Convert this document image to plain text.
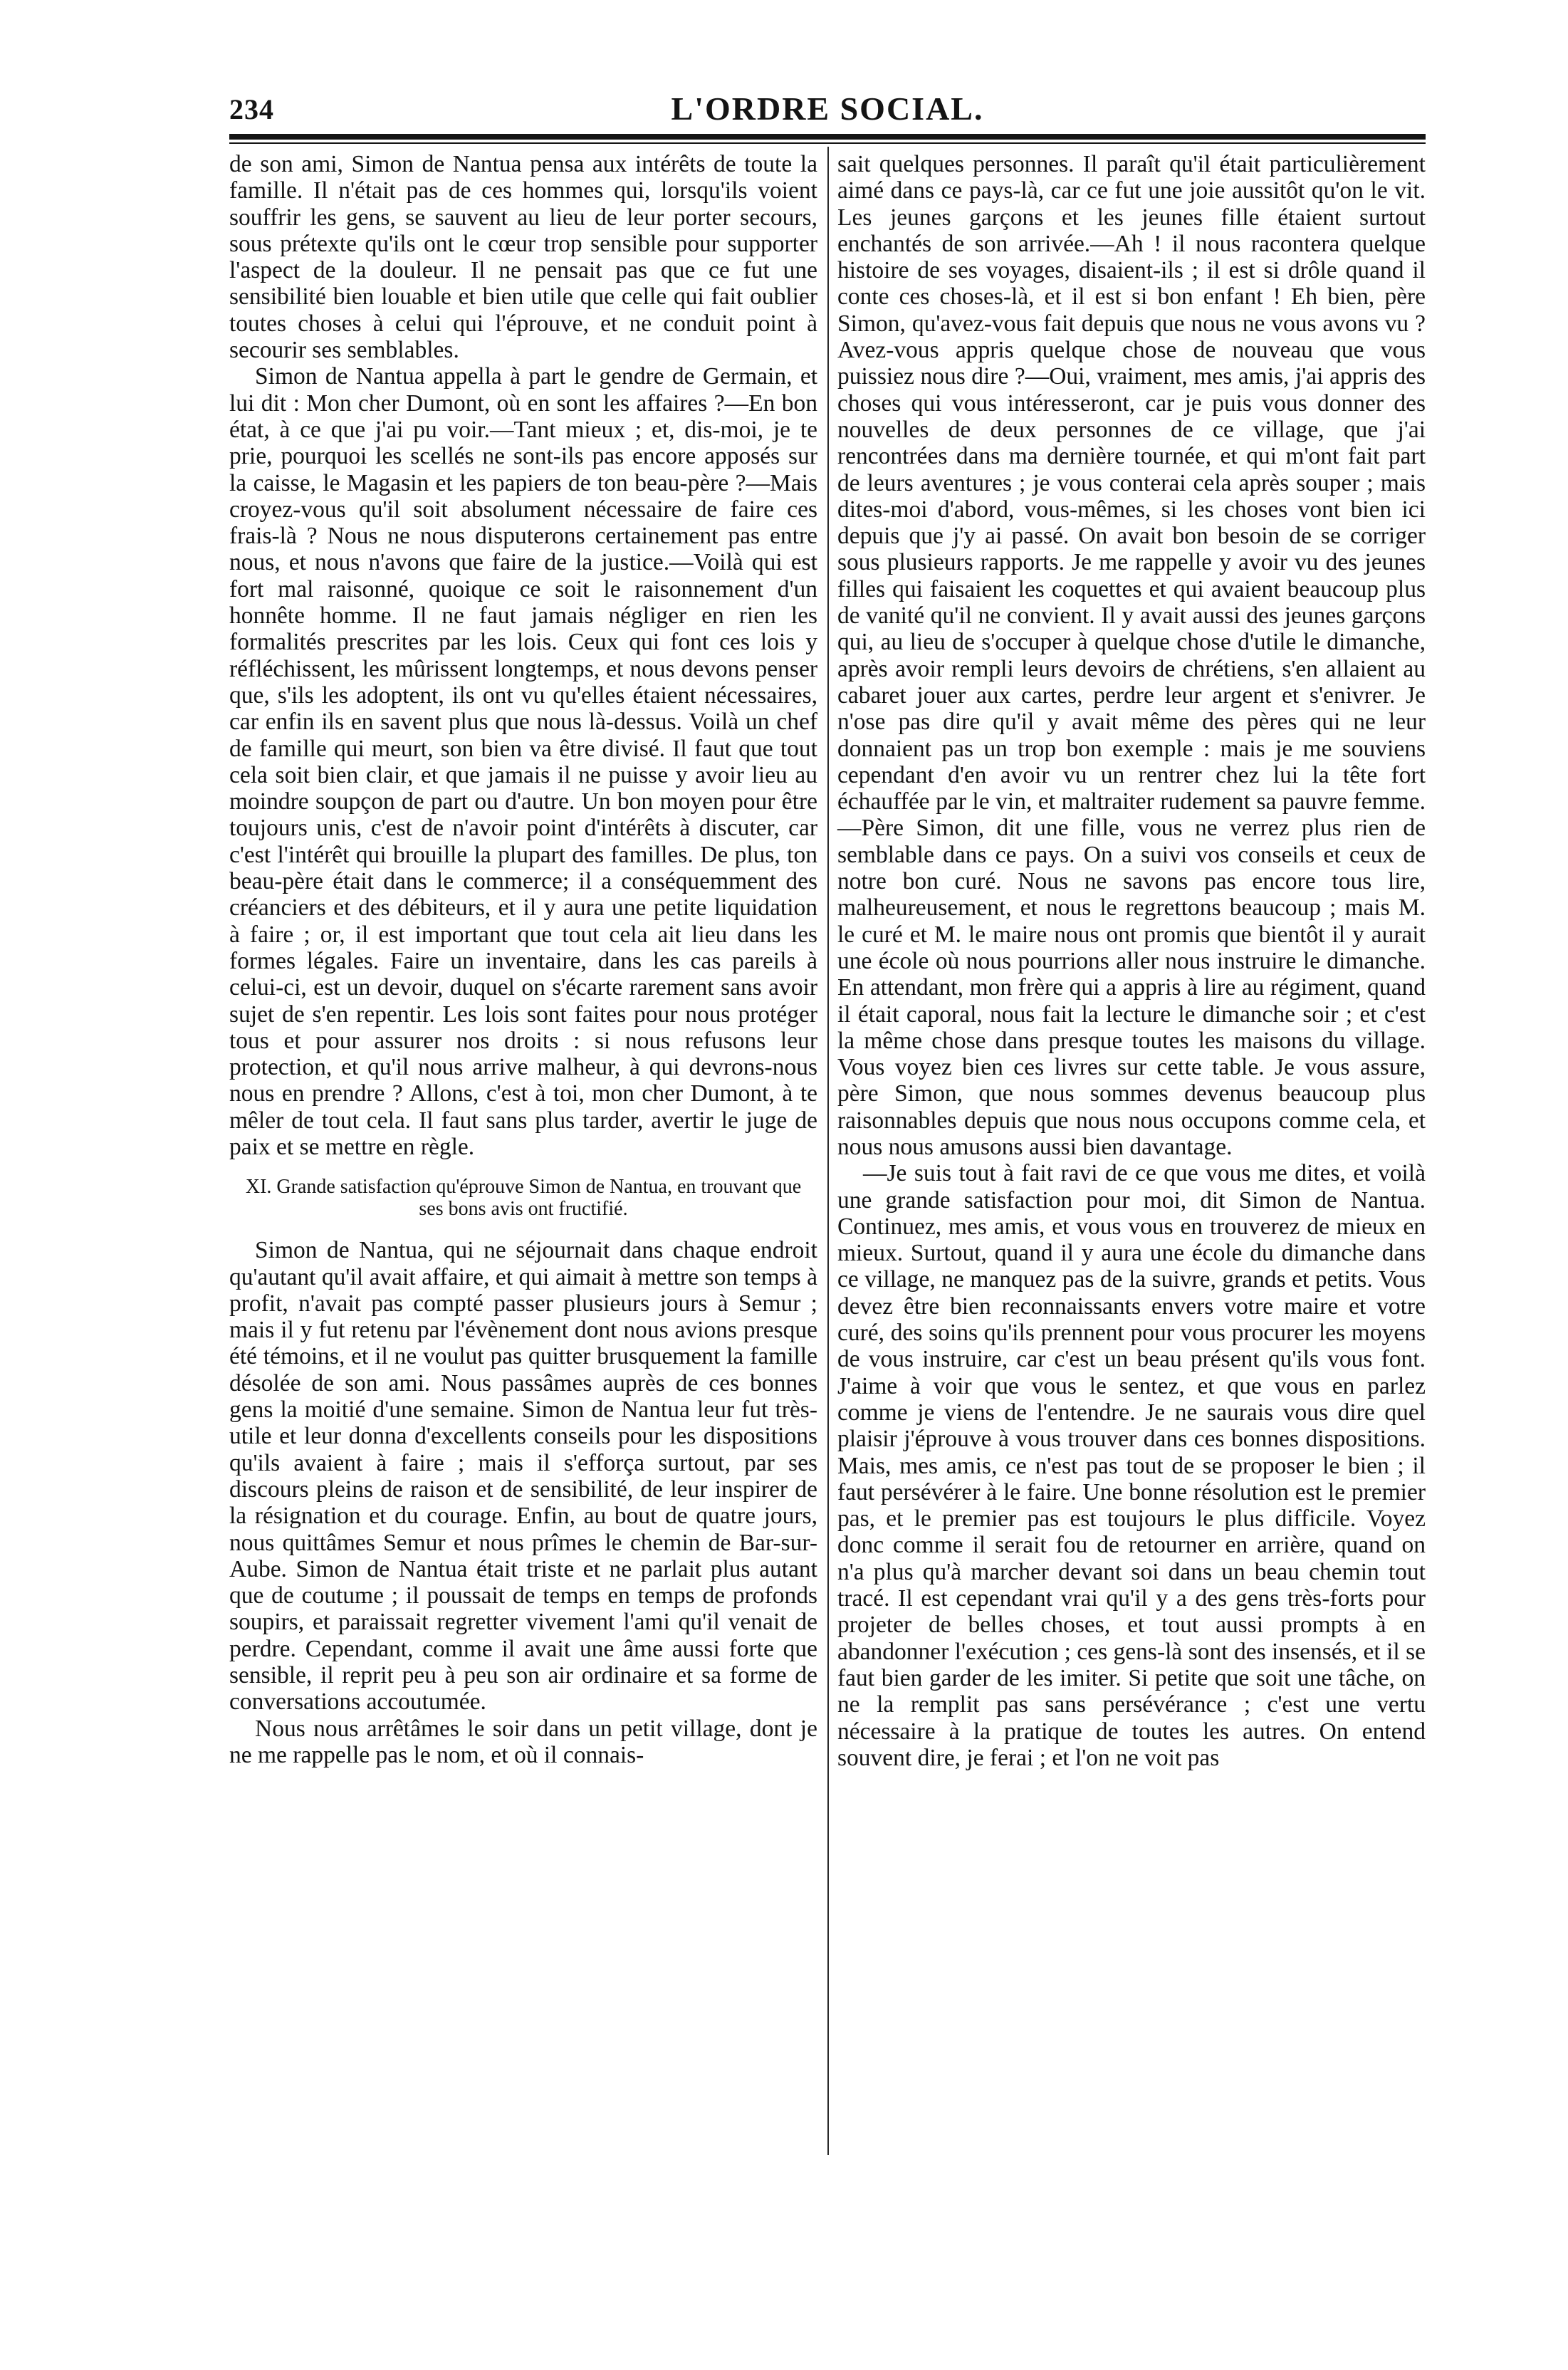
234	L'ORDRE SOCIAL.

de son ami, Simon de Nantua pensa aux intérêts de toute la famille. Il n'était pas de ces hommes qui, lorsqu'ils voient souffrir les gens, se sauvent au lieu de leur porter secours, sous prétexte qu'ils ont le cœur trop sensible pour supporter l'aspect de la douleur. Il ne pensait pas que ce fut une sensibilité bien louable et bien utile que celle qui fait oublier toutes choses à celui qui l'éprouve, et ne conduit point à secourir ses semblables.

Simon de Nantua appella à part le gendre de Germain, et lui dit : Mon cher Dumont, où en sont les affaires ?—En bon état, à ce que j'ai pu voir.—Tant mieux ; et, dis-moi, je te prie, pourquoi les scellés ne sont-ils pas encore apposés sur la caisse, le Magasin et les papiers de ton beau-père ?—Mais croyez-vous qu'il soit absolument nécessaire de faire ces frais-là ? Nous ne nous disputerons certainement pas entre nous, et nous n'avons que faire de la justice.—Voilà qui est fort mal raisonné, quoique ce soit le raisonnement d'un honnête homme. Il ne faut jamais négliger en rien les formalités prescrites par les lois. Ceux qui font ces lois y réfléchissent, les mûrissent longtemps, et nous devons penser que, s'ils les adoptent, ils ont vu qu'elles étaient nécessaires, car enfin ils en savent plus que nous là-dessus. Voilà un chef de famille qui meurt, son bien va être divisé. Il faut que tout cela soit bien clair, et que jamais il ne puisse y avoir lieu au moindre soupçon de part ou d'autre. Un bon moyen pour être toujours unis, c'est de n'avoir point d'intérêts à discuter, car c'est l'intérêt qui brouille la plupart des familles. De plus, ton beau-père était dans le commerce; il a conséquemment des créanciers et des débiteurs, et il y aura une petite liquidation à faire ; or, il est important que tout cela ait lieu dans les formes légales. Faire un inventaire, dans les cas pareils à celui-ci, est un devoir, duquel on s'écarte rarement sans avoir sujet de s'en repentir. Les lois sont faites pour nous protéger tous et pour assurer nos droits : si nous refusons leur protection, et qu'il nous arrive malheur, à qui devrons-nous nous en prendre ? Allons, c'est à toi, mon cher Dumont, à te mêler de tout cela. Il faut sans plus tarder, avertir le juge de paix et se mettre en règle.

XI. Grande satisfaction qu'éprouve Simon de Nantua, en trouvant que ses bons avis ont fructifié.

Simon de Nantua, qui ne séjournait dans chaque endroit qu'autant qu'il avait affaire, et qui aimait à mettre son temps à profit, n'avait pas compté passer plusieurs jours à Semur ; mais il y fut retenu par l'évènement dont nous avions presque été témoins, et il ne voulut pas quitter brusquement la famille désolée de son ami. Nous passâmes auprès de ces bonnes gens la moitié d'une semaine. Simon de Nantua leur fut très-utile et leur donna d'excellents conseils pour les dispositions qu'ils avaient à faire ; mais il s'efforça surtout, par ses discours pleins de raison et de sensibilité, de leur inspirer de la résignation et du courage. Enfin, au bout de quatre jours, nous quittâmes Semur et nous prîmes le chemin de Bar-sur-Aube. Simon de Nantua était triste et ne parlait plus autant que de coutume ; il poussait de temps en temps de profonds soupirs, et paraissait regretter vivement l'ami qu'il venait de perdre. Cependant, comme il avait une âme aussi forte que sensible, il reprit peu à peu son air ordinaire et sa forme de conversations accoutumée.

Nous nous arrêtâmes le soir dans un petit village, dont je ne me rappelle pas le nom, et où il connais-

sait quelques personnes. Il paraît qu'il était particulièrement aimé dans ce pays-là, car ce fut une joie aussitôt qu'on le vit. Les jeunes garçons et les jeunes fille étaient surtout enchantés de son arrivée.—Ah ! il nous racontera quelque histoire de ses voyages, disaient-ils ; il est si drôle quand il conte ces choses-là, et il est si bon enfant ! Eh bien, père Simon, qu'avez-vous fait depuis que nous ne vous avons vu ? Avez-vous appris quelque chose de nouveau que vous puissiez nous dire ?—Oui, vraiment, mes amis, j'ai appris des choses qui vous intéresseront, car je puis vous donner des nouvelles de deux personnes de ce village, que j'ai rencontrées dans ma dernière tournée, et qui m'ont fait part de leurs aventures ; je vous conterai cela après souper ; mais dites-moi d'abord, vous-mêmes, si les choses vont bien ici depuis que j'y ai passé. On avait bon besoin de se corriger sous plusieurs rapports. Je me rappelle y avoir vu des jeunes filles qui faisaient les coquettes et qui avaient beaucoup plus de vanité qu'il ne convient. Il y avait aussi des jeunes garçons qui, au lieu de s'occuper à quelque chose d'utile le dimanche, après avoir rempli leurs devoirs de chrétiens, s'en allaient au cabaret jouer aux cartes, perdre leur argent et s'enivrer. Je n'ose pas dire qu'il y avait même des pères qui ne leur donnaient pas un trop bon exemple : mais je me souviens cependant d'en avoir vu un rentrer chez lui la tête fort échauffée par le vin, et maltraiter rudement sa pauvre femme.—Père Simon, dit une fille, vous ne verrez plus rien de semblable dans ce pays. On a suivi vos conseils et ceux de notre bon curé. Nous ne savons pas encore tous lire, malheureusement, et nous le regrettons beaucoup ; mais M. le curé et M. le maire nous ont promis que bientôt il y aurait une école où nous pourrions aller nous instruire le dimanche. En attendant, mon frère qui a appris à lire au régiment, quand il était caporal, nous fait la lecture le dimanche soir ; et c'est la même chose dans presque toutes les maisons du village. Vous voyez bien ces livres sur cette table. Je vous assure, père Simon, que nous sommes devenus beaucoup plus raisonnables depuis que nous nous occupons comme cela, et nous nous amusons aussi bien davantage.

—Je suis tout à fait ravi de ce que vous me dites, et voilà une grande satisfaction pour moi, dit Simon de Nantua. Continuez, mes amis, et vous vous en trouverez de mieux en mieux. Surtout, quand il y aura une école du dimanche dans ce village, ne manquez pas de la suivre, grands et petits. Vous devez être bien reconnaissants envers votre maire et votre curé, des soins qu'ils prennent pour vous procurer les moyens de vous instruire, car c'est un beau présent qu'ils vous font. J'aime à voir que vous le sentez, et que vous en parlez comme je viens de l'entendre. Je ne saurais vous dire quel plaisir j'éprouve à vous trouver dans ces bonnes dispositions. Mais, mes amis, ce n'est pas tout de se proposer le bien ; il faut persévérer à le faire. Une bonne résolution est le premier pas, et le premier pas est toujours le plus difficile. Voyez donc comme il serait fou de retourner en arrière, quand on n'a plus qu'à marcher devant soi dans un beau chemin tout tracé. Il est cependant vrai qu'il y a des gens très-forts pour projeter de belles choses, et tout aussi prompts à en abandonner l'exécution ; ces gens-là sont des insensés, et il se faut bien garder de les imiter. Si petite que soit une tâche, on ne la remplit pas sans persévérance ; c'est une vertu nécessaire à la pratique de toutes les autres. On entend souvent dire, je ferai ; et l'on ne voit pas
